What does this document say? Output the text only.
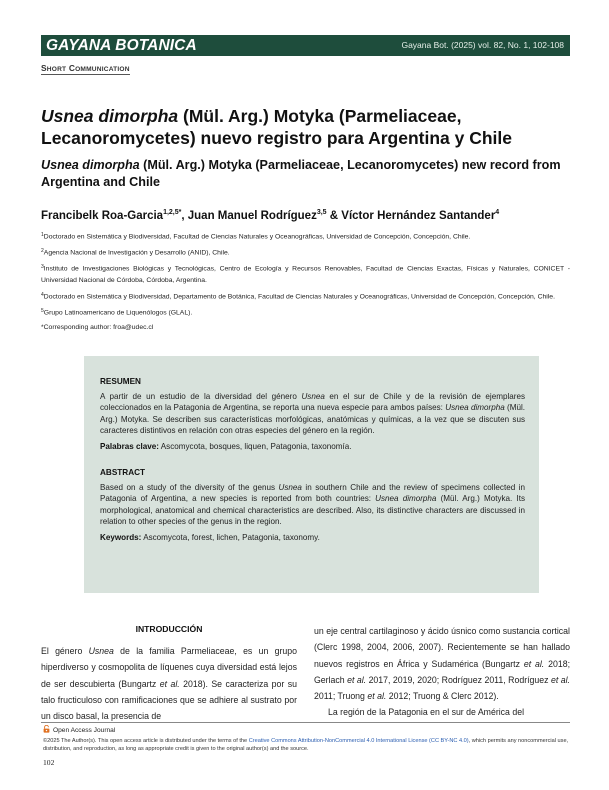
GAYANA BOTANICA	Gayana Bot. (2025) vol. 82, No. 1, 102-108
SHORT COMMUNICATION
Usnea dimorpha (Mül. Arg.) Motyka (Parmeliaceae, Lecanoromycetes) nuevo registro para Argentina y Chile
Usnea dimorpha (Mül. Arg.) Motyka (Parmeliaceae, Lecanoromycetes) new record from Argentina and Chile
Francibelk Roa-Garcia$^{1,2,5*}$, Juan Manuel Rodríguez$^{3,5}$ & Víctor Hernández Santander$^4$
$^1$Doctorado en Sistemática y Biodiversidad, Facultad de Ciencias Naturales y Oceanográficas, Universidad de Concepción, Concepción, Chile.
$^2$Agencia Nacional de Investigación y Desarrollo (ANID), Chile.
$^3$Instituto de Investigaciones Biológicas y Tecnológicas, Centro de Ecología y Recursos Renovables, Facultad de Ciencias Exactas, Físicas y Naturales, CONICET - Universidad Nacional de Córdoba, Córdoba, Argentina.
$^4$Doctorado en Sistemática y Biodiversidad, Departamento de Botánica, Facultad de Ciencias Naturales y Oceanográficas, Universidad de Concepción, Concepción, Chile.
$^5$Grupo Latinoamericano de Liquenólogos (GLAL).
*Corresponding author: froa@udec.cl
RESUMEN

A partir de un estudio de la diversidad del género Usnea en el sur de Chile y de la revisión de ejemplares coleccionados en la Patagonia de Argentina, se reporta una nueva especie para ambos países: Usnea dimorpha (Mül. Arg.) Motyka. Se describen sus características morfológicas, anatómicas y químicas, a la vez que se discuten sus caracteres distintivos en relación con otras especies del género en la región.

Palabras clave: Ascomycota, bosques, liquen, Patagonia, taxonomía.

ABSTRACT

Based on a study of the diversity of the genus Usnea in southern Chile and the review of specimens collected in Patagonia of Argentina, a new species is reported from both countries: Usnea dimorpha (Mül. Arg.) Motyka. Its morphological, anatomical and chemical characteristics are described. Also, its distinctive characters are discussed in relation to other species of the genus in the region.

Keywords: Ascomycota, forest, lichen, Patagonia, taxonomy.

INTRODUCCIÓN

El género Usnea de la familia Parmeliaceae, es un grupo hiperdiverso y cosmopolita de líquenes cuya diversidad está lejos de ser descubierta (Bungartz et al. 2018). Se caracteriza por su talo fructiculoso con ramificaciones que se adhiere al sustrato por un disco basal, la presencia de

un eje central cartilaginoso y ácido úsnico como sustancia cortical (Clerc 1998, 2004, 2006, 2007). Recientemente se han hallado nuevos registros en África y Sudamérica (Bungartz et al. 2018; Gerlach et al. 2017, 2019, 2020; Rodríguez 2011, Rodríguez et al. 2011; Truong et al. 2012; Truong & Clerc 2012).

La región de la Patagonia en el sur de América del

Open Access Journal
©2025 The Author(s). This open access article is distributed under the terms of the Creative Commons Attribution-NonCommercial 4.0 International License (CC BY-NC 4.0), which permits any noncommercial use, distribution, and reproduction, as long as appropriate credit is given to the original author(s) and the source.
102
